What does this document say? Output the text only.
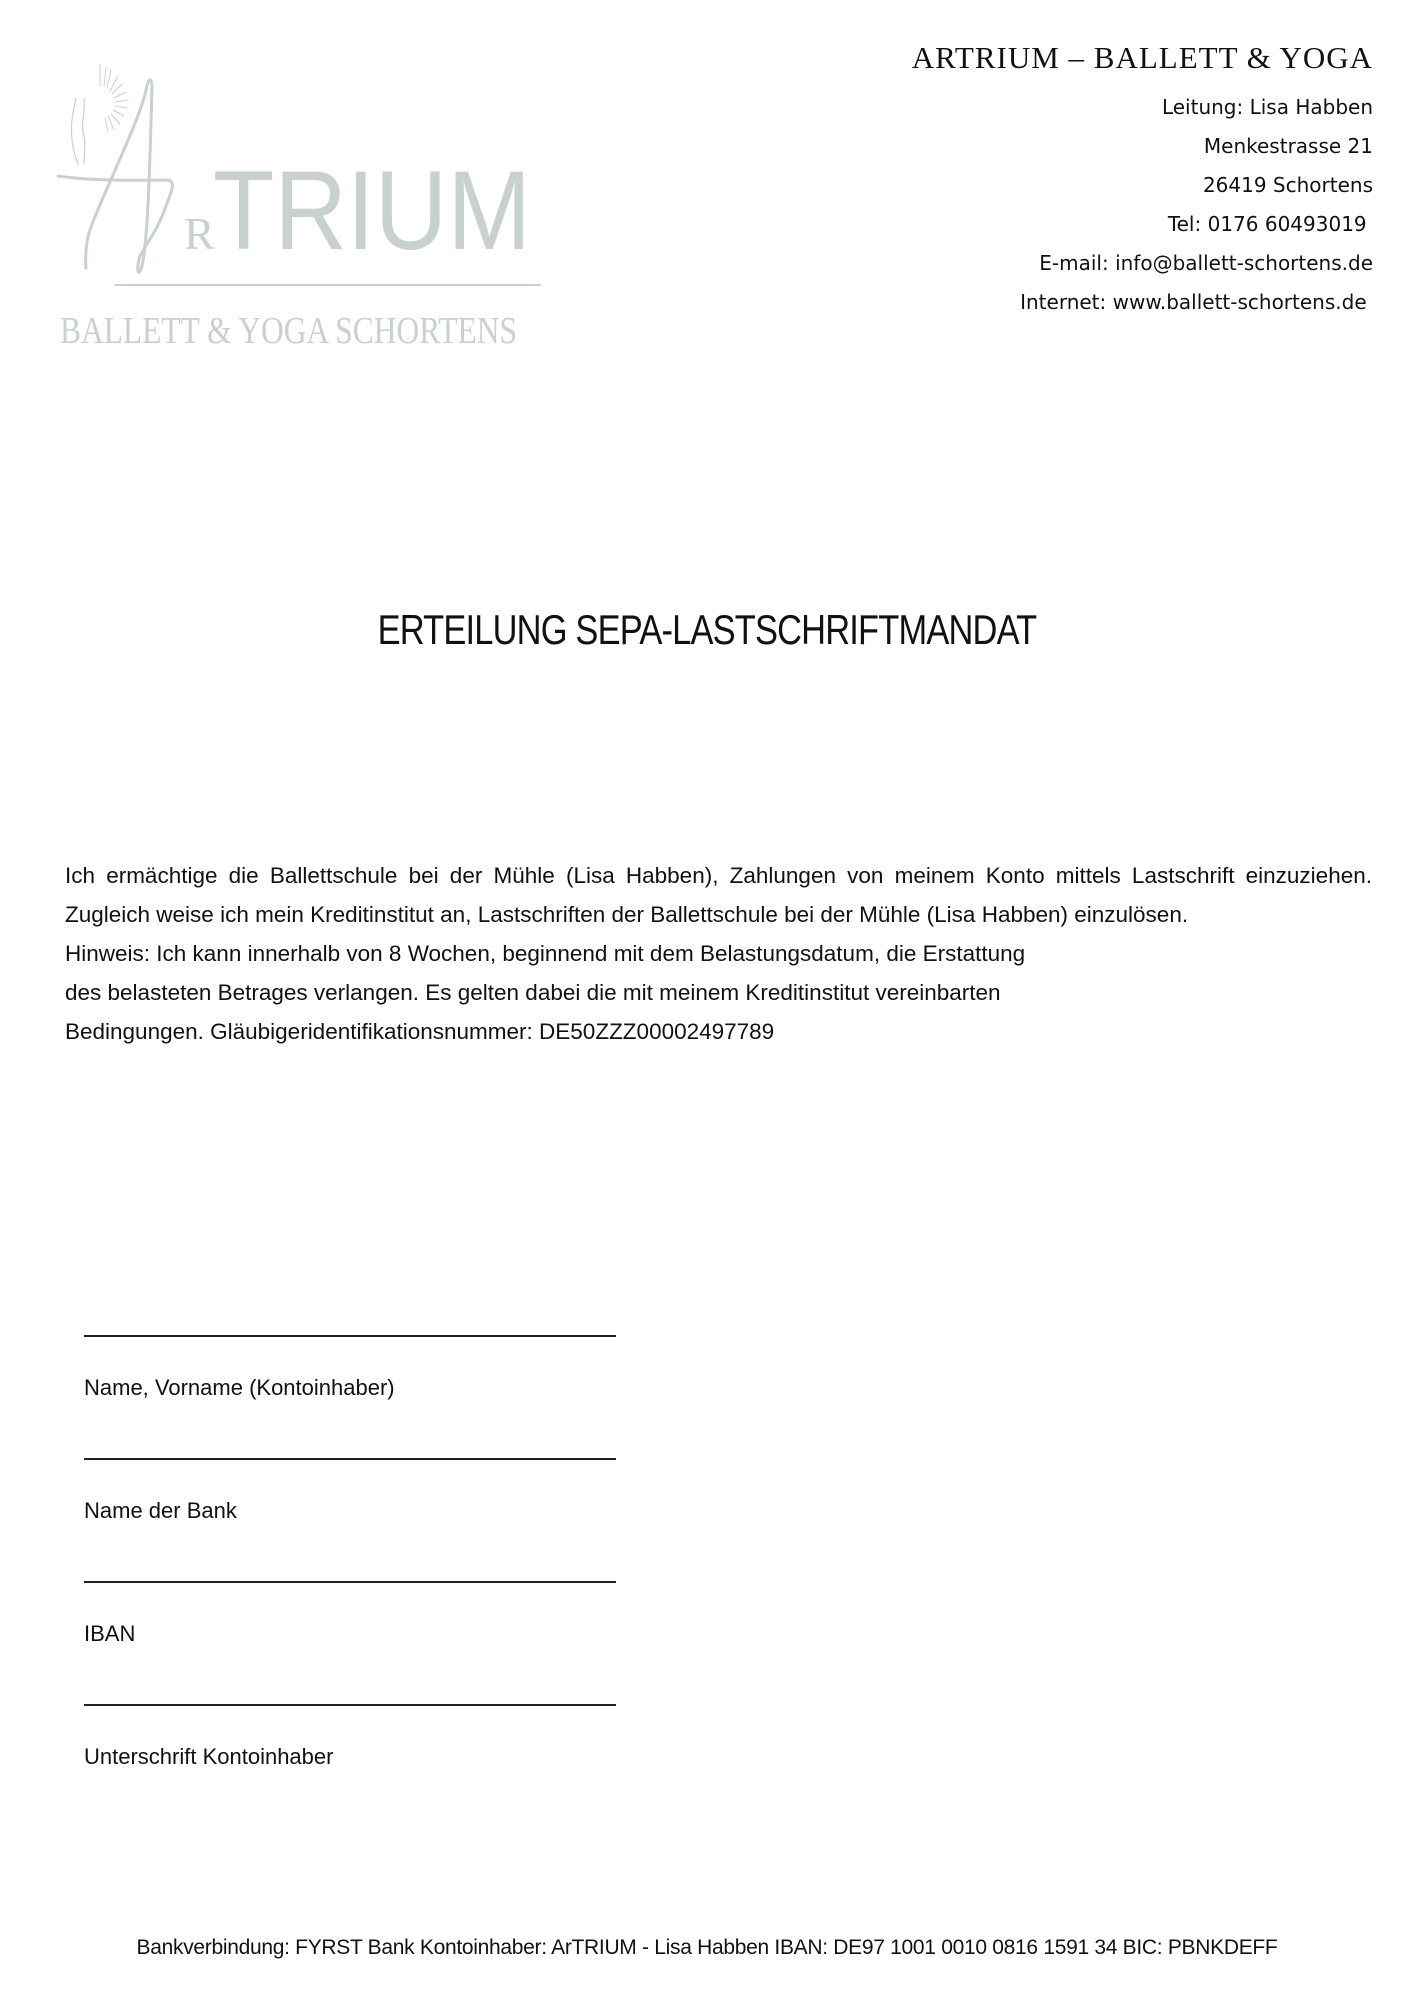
R
TRIUM
BALLETT & YOGA SCHORTENS
ARTRIUM – BALLETT & YOGA
Leitung: Lisa Habben
Menkestrasse 21
26419 Schortens
Tel: 0176 60493019
E-mail: info@ballett-schortens.de
Internet: www.ballett-schortens.de
ERTEILUNG SEPA-LASTSCHRIFTMANDAT

Ich ermächtige die Ballettschule bei der Mühle (Lisa Habben), Zahlungen von meinem Konto mittels Lastschrift einzuziehen. Zugleich weise ich mein Kreditinstitut an, Lastschriften der Ballettschule bei der Mühle (Lisa Habben) einzulösen.

Hinweis: Ich kann innerhalb von 8 Wochen, beginnend mit dem Belastungsdatum, die Erstattung

des belasteten Betrages verlangen. Es gelten dabei die mit meinem Kreditinstitut vereinbarten

Bedingungen. Gläubigeridentifikationsnummer: DE50ZZZ00002497789

Name, Vorname (Kontoinhaber)
Name der Bank
IBAN
Unterschrift Kontoinhaber
Bankverbindung: FYRST Bank Kontoinhaber: ArTRIUM - Lisa Habben IBAN: DE97 1001 0010 0816 1591 34 BIC: PBNKDEFF
